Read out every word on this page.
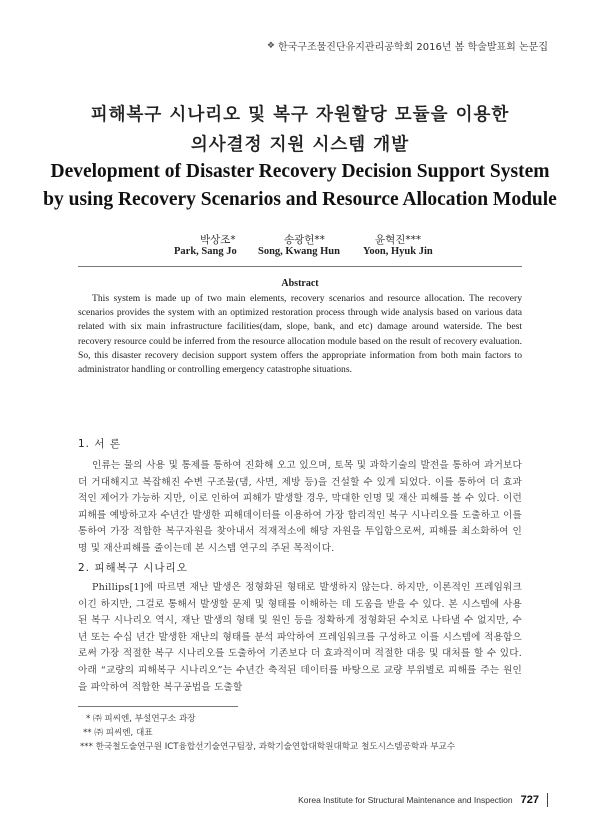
❖ 한국구조물진단유지관리공학회 2016년 봄 학술발표회 논문집
피해복구 시나리오 및 복구 자원할당 모듈을 이용한
의사결정 지원 시스템 개발
Development of Disaster Recovery Decision Support System
by using Recovery Scenarios and Resource Allocation Module
박상조*	송광헌**	윤혁진***
Park, Sang Jo Song, Kwang Hun Yoon, Hyuk Jin
Abstract
This system is made up of two main elements, recovery scenarios and resource allocation. The recovery scenarios provides the system with an optimized restoration process through wide analysis based on various data related with six main infrastructure facilities(dam, slope, bank, and etc) damage around waterside. The best recovery resource could be inferred from the resource allocation module based on the result of recovery evaluation. So, this disaster recovery decision support system offers the appropriate information from both main factors to administrator handling or controlling emergency catastrophe situations.
1. 서 론
인류는 물의 사용 및 통제를 통하여 진화해 오고 있으며, 토목 및 과학기술의 발전을 통하여 과거보다 더 거대해지고 복잡해진 수변 구조물(댐, 사면, 제방 등)을 건설할 수 있게 되었다. 이를 통하여 더 효과적인 제어가 가능하 지만, 이로 인하여 피해가 발생할 경우, 막대한 인명 및 재산 피해를 볼 수 있다. 이런 피해를 예방하고자 수년간 발생한 피해데이터를 이용하여 가장 합리적인 복구 시나리오를 도출하고 이를 통하여 가장 적합한 복구자원을 찾아내서 적재적소에 해당 자원을 투입함으로써, 피해를 최소화하여 인명 및 재산피해를 줄이는데 본 시스템 연구의 주된 목적이다.
2. 피해복구 시나리오
Phillips[1]에 따르면 재난 발생은 정형화된 형태로 발생하지 않는다. 하지만, 이론적인 프레임워크이긴 하지만, 그걸로 통해서 발생할 문제 및 형태를 이해하는 데 도움을 받을 수 있다. 본 시스템에 사용된 복구 시나리오 역시, 재난 발생의 형태 및 원인 등을 정확하게 정형화된 수치로 나타낼 수 없지만, 수년 또는 수십 년간 발생한 재난의 형태를 분석 파악하여 프레임워크를 구성하고 이를 시스템에 적용함으로써 가장 적절한 복구 시나리오를 도출하여 기존보다 더 효과적이며 적절한 대응 및 대처를 할 수 있다. 아래 “교량의 피해복구 시나리오”는 수년간 축적된 데이터를 바탕으로 교량 부위별로 피해를 주는 원인을 파악하여 적합한 복구공법을 도출할
* ㈜ 피씨엔, 부설연구소 과장
** ㈜ 피씨엔, 대표
*** 한국철도술연구원 ICT융합선기술연구팀장, 과학기술연합대학원대학교 철도시스템공학과 부교수
Korea Institute for Structural Maintenance and Inspection 727
